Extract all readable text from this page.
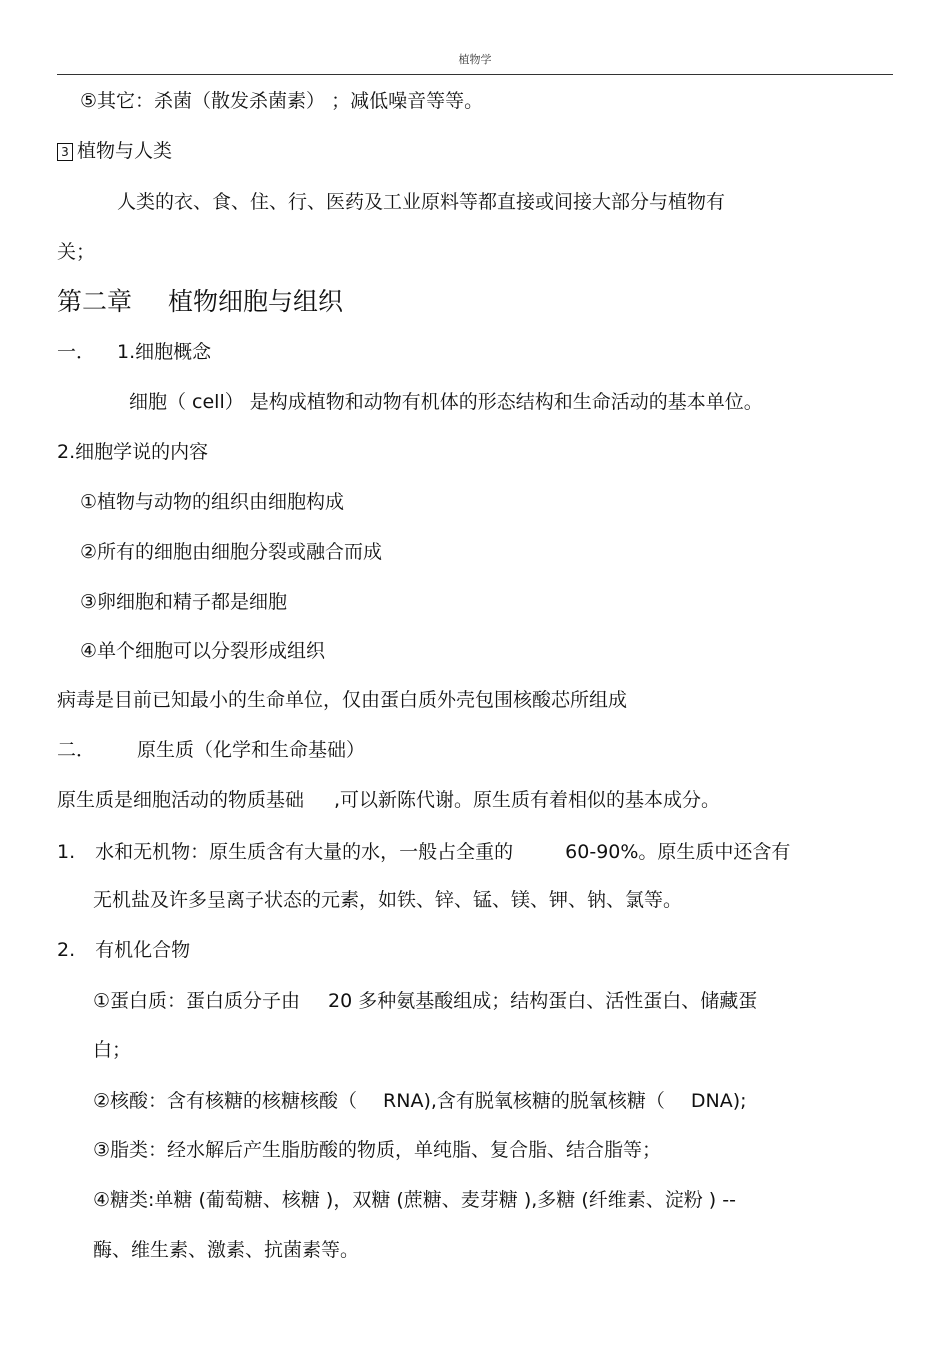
植物学
⑤其它：杀菌（散发杀菌素） ；减低噪音等等。
3 植物与人类
人类的衣、食、住、行、医药及工业原料等都直接或间接大部分与植物有
关；
第二章 植物细胞与组织
一． 1.细胞概念
细胞（ cell） 是构成植物和动物有机体的形态结构和生命活动的基本单位。
2.细胞学说的内容
①植物与动物的组织由细胞构成
②所有的细胞由细胞分裂或融合而成
③卵细胞和精子都是细胞
④单个细胞可以分裂形成组织
病毒是目前已知最小的生命单位，仅由蛋白质外壳包围核酸芯所组成
二． 原生质（化学和生命基础）
原生质是细胞活动的物质基础 ,可以新陈代谢。原生质有着相似的基本成分。
1. 水和无机物：原生质含有大量的水，一般占全重的	60-90%。原生质中还含有
无机盐及许多呈离子状态的元素，如铁、锌、锰、镁、钾、钠、氯等。
2. 有机化合物
①蛋白质：蛋白质分子由 20 多种氨基酸组成；结构蛋白、活性蛋白、储藏蛋
白；
②核酸：含有核糖的核糖核酸（ RNA),含有脱氧核糖的脱氧核糖（ DNA);
③脂类：经水解后产生脂肪酸的物质，单纯脂、复合脂、结合脂等；
④糖类:单糖 (葡萄糖、核糖 )，双糖 (蔗糖、麦芽糖 ),多糖 (纤维素、淀粉 ) --
酶、维生素、激素、抗菌素等。
